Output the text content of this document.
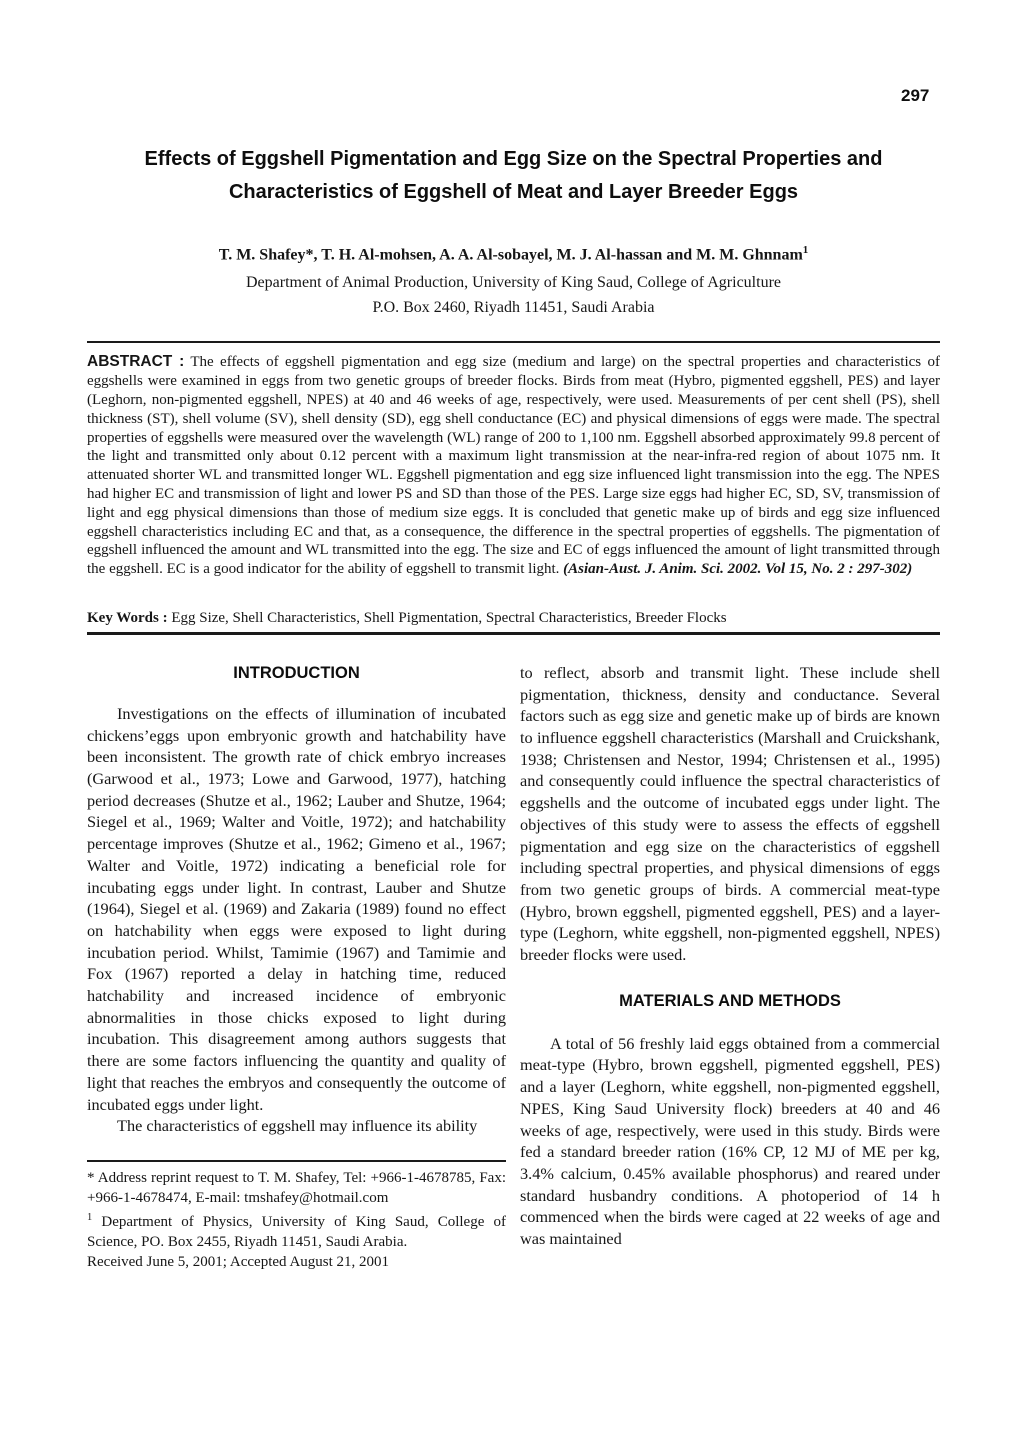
297
Effects of Eggshell Pigmentation and Egg Size on the Spectral Properties and
Characteristics of Eggshell of Meat and Layer Breeder Eggs
T. M. Shafey*, T. H. Al-mohsen, A. A. Al-sobayel, M. J. Al-hassan and M. M. Ghnnam$^1$
Department of Animal Production, University of King Saud, College of Agriculture
P.O. Box 2460, Riyadh 11451, Saudi Arabia

ABSTRACT : The effects of eggshell pigmentation and egg size (medium and large) on the spectral properties and characteristics of eggshells were examined in eggs from two genetic groups of breeder flocks. Birds from meat (Hybro, pigmented eggshell, PES) and layer (Leghorn, non-pigmented eggshell, NPES) at 40 and 46 weeks of age, respectively, were used. Measurements of per cent shell (PS), shell thickness (ST), shell volume (SV), shell density (SD), egg shell conductance (EC) and physical dimensions of eggs were made. The spectral properties of eggshells were measured over the wavelength (WL) range of 200 to 1,100 nm. Eggshell absorbed approximately 99.8 percent of the light and transmitted only about 0.12 percent with a maximum light transmission at the near-infra-red region of about 1075 nm. It attenuated shorter WL and transmitted longer WL. Eggshell pigmentation and egg size influenced light transmission into the egg. The NPES had higher EC and transmission of light and lower PS and SD than those of the PES. Large size eggs had higher EC, SD, SV, transmission of light and egg physical dimensions than those of medium size eggs. It is concluded that genetic make up of birds and egg size influenced eggshell characteristics including EC and that, as a consequence, the difference in the spectral properties of eggshells. The pigmentation of eggshell influenced the amount and WL transmitted into the egg. The size and EC of eggs influenced the amount of light transmitted through the eggshell. EC is a good indicator for the ability of eggshell to transmit light. (Asian-Aust. J. Anim. Sci. 2002. Vol 15, No. 2 : 297-302)

Key Words : Egg Size, Shell Characteristics, Shell Pigmentation, Spectral Characteristics, Breeder Flocks
INTRODUCTION

Investigations on the effects of illumination of incubated chickens’eggs upon embryonic growth and hatchability have been inconsistent. The growth rate of chick embryo increases (Garwood et al., 1973; Lowe and Garwood, 1977), hatching period decreases (Shutze et al., 1962; Lauber and Shutze, 1964; Siegel et al., 1969; Walter and Voitle, 1972); and hatchability percentage improves (Shutze et al., 1962; Gimeno et al., 1967; Walter and Voitle, 1972) indicating a beneficial role for incubating eggs under light. In contrast, Lauber and Shutze (1964), Siegel et al. (1969) and Zakaria (1989) found no effect on hatchability when eggs were exposed to light during incubation period. Whilst, Tamimie (1967) and Tamimie and Fox (1967) reported a delay in hatching time, reduced hatchability and increased incidence of embryonic abnormalities in those chicks exposed to light during incubation. This disagreement among authors suggests that there are some factors influencing the quantity and quality of light that reaches the embryos and consequently the outcome of incubated eggs under light.

The characteristics of eggshell may influence its ability

* Address reprint request to T. M. Shafey, Tel: +966-1-4678785, Fax: +966-1-4678474, E-mail: tmshafey@hotmail.com
$^1$ Department of Physics, University of King Saud, College of Science, PO. Box 2455, Riyadh 11451, Saudi Arabia.
Received June 5, 2001; Accepted August 21, 2001

to reflect, absorb and transmit light. These include shell pigmentation, thickness, density and conductance. Several factors such as egg size and genetic make up of birds are known to influence eggshell characteristics (Marshall and Cruickshank, 1938; Christensen and Nestor, 1994; Christensen et al., 1995) and consequently could influence the spectral characteristics of eggshells and the outcome of incubated eggs under light. The objectives of this study were to assess the effects of eggshell pigmentation and egg size on the characteristics of eggshell including spectral properties, and physical dimensions of eggs from two genetic groups of birds. A commercial meat-type (Hybro, brown eggshell, pigmented eggshell, PES) and a layer-type (Leghorn, white eggshell, non-pigmented eggshell, NPES) breeder flocks were used.

MATERIALS AND METHODS

A total of 56 freshly laid eggs obtained from a commercial meat-type (Hybro, brown eggshell, pigmented eggshell, PES) and a layer (Leghorn, white eggshell, non-pigmented eggshell, NPES, King Saud University flock) breeders at 40 and 46 weeks of age, respectively, were used in this study. Birds were fed a standard breeder ration (16% CP, 12 MJ of ME per kg, 3.4% calcium, 0.45% available phosphorus) and reared under standard husbandry conditions. A photoperiod of 14 h commenced when the birds were caged at 22 weeks of age and was maintained
